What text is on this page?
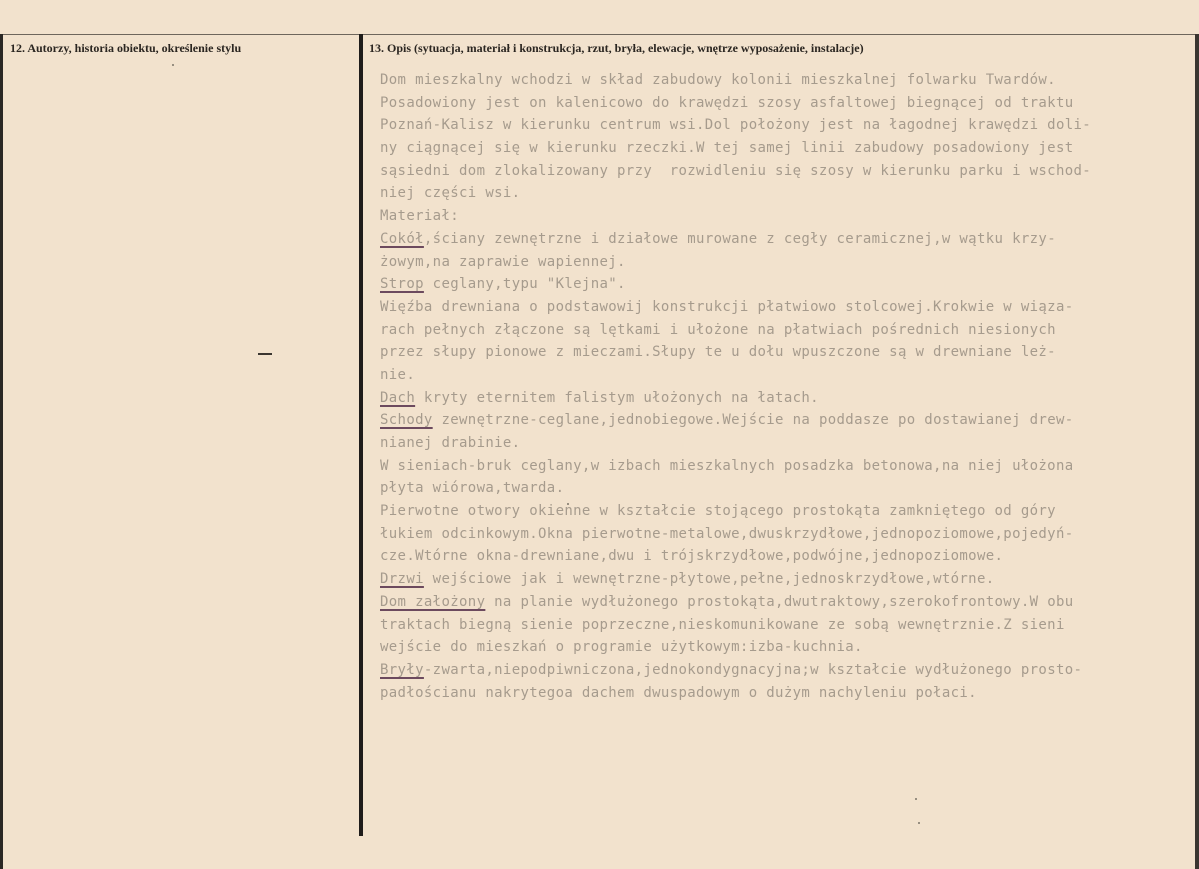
12. Autorzy, historia obiektu, określenie stylu	13. Opis (sytuacja, materiał i konstrukcja, rzut, bryła, elewacje, wnętrze wyposażenie, instalacje)
Dom mieszkalny wchodzi w skład zabudowy kolonii mieszkalnej folwarku Twardów.
Posadowiony jest on kalenicowo do krawędzi szosy asfaltowej biegnącej od traktu
Poznań-Kalisz w kierunku centrum wsi.Dol położony jest na łagodnej krawędzi doli-
ny ciągnącej się w kierunku rzeczki.W tej samej linii zabudowy posadowiony jest
sąsiedni dom zlokalizowany przy  rozwidleniu się szosy w kierunku parku i wschod-
niej części wsi.
Materiał:
Cokół,ściany zewnętrzne i działowe murowane z cegły ceramicznej,w wątku krzy-
żowym,na zaprawie wapiennej.
Strop ceglany,typu "Klejna".
Więźba drewniana o podstawowij konstrukcji płatwiowo stolcowej.Krokwie w wiąza-
rach pełnych złączone są lętkami i ułożone na płatwiach pośrednich niesionych
przez słupy pionowe z mieczami.Słupy te u dołu wpuszczone są w drewniane leż-
nie.
Dach kryty eternitem falistym ułożonych na łatach.
Schody zewnętrzne-ceglane,jednobiegowe.Wejście na poddasze po dostawianej drew-
nianej drabinie.
W sieniach-bruk ceglany,w izbach mieszkalnych posadzka betonowa,na niej ułożona
płyta wiórowa,twarda.
Pierwotne otwory okienne w kształcie stojącego prostokąta zamkniętego od góry
łukiem odcinkowym.Okna pierwotne-metalowe,dwuskrzydłowe,jednopoziomowe,pojedyń-
cze.Wtórne okna-drewniane,dwu i trójskrzydłowe,podwójne,jednopoziomowe.
Drzwi wejściowe jak i wewnętrzne-płytowe,pełne,jednoskrzydłowe,wtórne.
Dom założony na planie wydłużonego prostokąta,dwutraktowy,szerokofrontowy.W obu
traktach biegną sienie poprzeczne,nieskomunikowane ze sobą wewnętrznie.Z sieni
wejście do mieszkań o programie użytkowym:izba-kuchnia.
Bryły-zwarta,niepodpiwniczona,jednokondygnacyjna;w kształcie wydłużonego prosto-
padłościanu nakrytegoa dachem dwuspadowym o dużym nachyleniu połaci.
